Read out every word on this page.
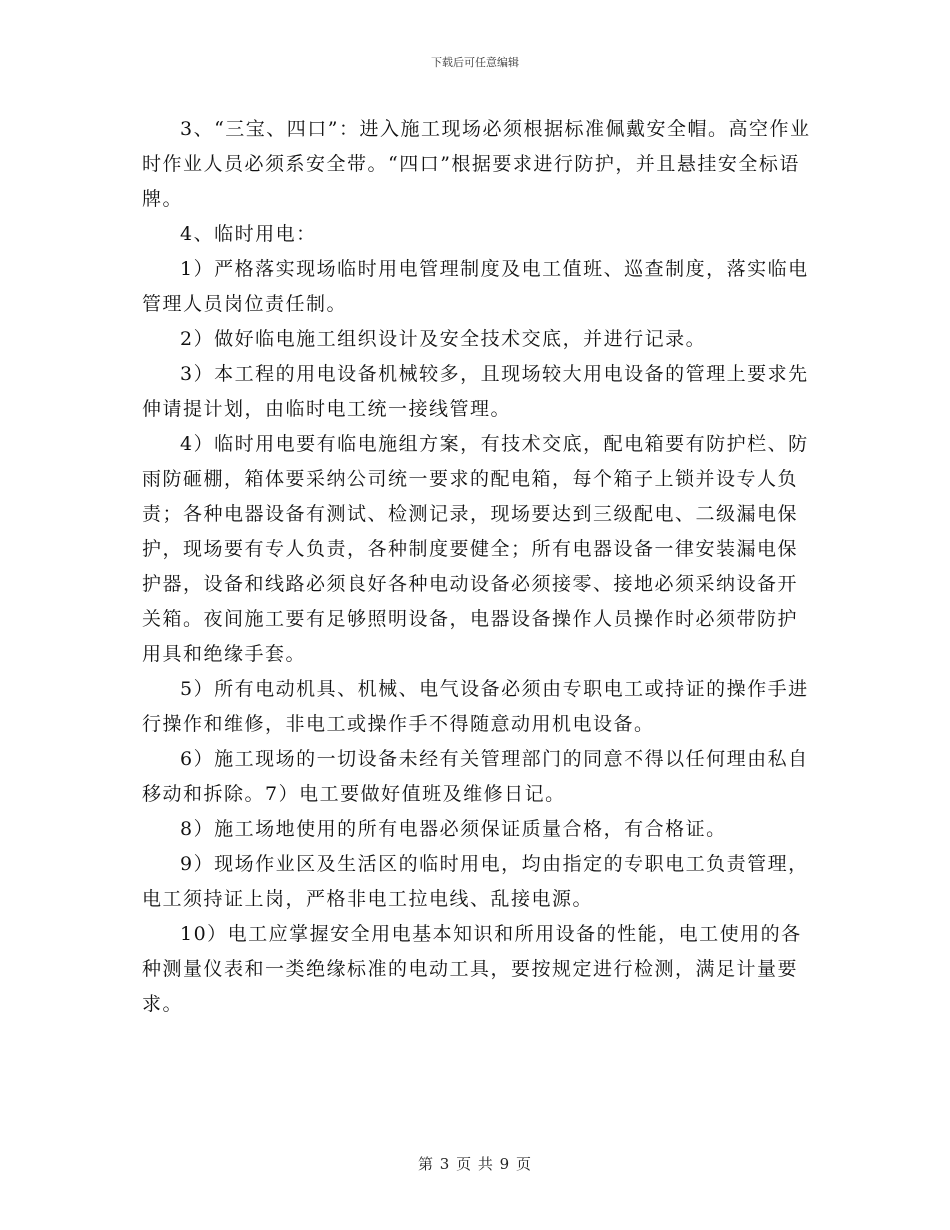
下载后可任意编辑

3、“三宝、四口”：进入施工现场必须根据标准佩戴安全帽。高空作业时作业人员必须系安全带。“四口”根据要求进行防护，并且悬挂安全标语牌。

4、临时用电：

1）严格落实现场临时用电管理制度及电工值班、巡查制度，落实临电管理人员岗位责任制。

2）做好临电施工组织设计及安全技术交底，并进行记录。

3）本工程的用电设备机械较多，且现场较大用电设备的管理上要求先伸请提计划，由临时电工统一接线管理。

4）临时用电要有临电施组方案，有技术交底，配电箱要有防护栏、防雨防砸棚，箱体要采纳公司统一要求的配电箱，每个箱子上锁并设专人负责；各种电器设备有测试、检测记录，现场要达到三级配电、二级漏电保护，现场要有专人负责，各种制度要健全；所有电器设备一律安装漏电保护器，设备和线路必须良好各种电动设备必须接零、接地必须采纳设备开关箱。夜间施工要有足够照明设备，电器设备操作人员操作时必须带防护用具和绝缘手套。

5）所有电动机具、机械、电气设备必须由专职电工或持证的操作手进行操作和维修，非电工或操作手不得随意动用机电设备。

6）施工现场的一切设备未经有关管理部门的同意不得以任何理由私自移动和拆除。7）电工要做好值班及维修日记。

8）施工场地使用的所有电器必须保证质量合格，有合格证。

9）现场作业区及生活区的临时用电，均由指定的专职电工负责管理，电工须持证上岗，严格非电工拉电线、乱接电源。

10）电工应掌握安全用电基本知识和所用设备的性能，电工使用的各种测量仪表和一类绝缘标准的电动工具，要按规定进行检测，满足计量要求。

第 3 页 共 9 页
